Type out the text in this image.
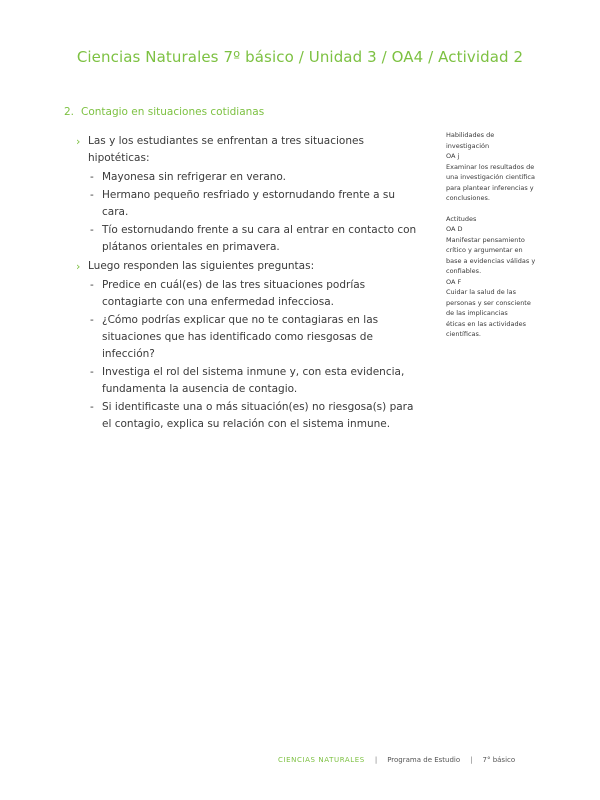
Ciencias Naturales 7º básico / Unidad 3 / OA4 / Actividad 2
2. Contagio en situaciones cotidianas
› Las y los estudiantes se enfrentan a tres situaciones hipotéticas:
- Mayonesa sin refrigerar en verano.
- Hermano pequeño resfriado y estornudando frente a su cara.
- Tío estornudando frente a su cara al entrar en contacto con plátanos orientales en primavera.
› Luego responden las siguientes preguntas:
- Predice en cuál(es) de las tres situaciones podrías contagiarte con una enfermedad infecciosa.
- ¿Cómo podrías explicar que no te contagiaras en las situaciones que has identificado como riesgosas de infección?
- Investiga el rol del sistema inmune y, con esta evidencia, fundamenta la ausencia de contagio.
- Si identificaste una o más situación(es) no riesgosa(s) para el contagio, explica su relación con el sistema inmune.
Habilidades de
investigación
OA j
Examinar los resultados de
una investigación científica
para plantear inferencias y
conclusiones.
Actitudes
OA D
Manifestar pensamiento
crítico y argumentar en
base a evidencias válidas y
confiables.
OA F
Cuidar la salud de las
personas y ser consciente
de las implicancias
éticas en las actividades
científicas.
CIENCIAS NATURALES | Programa de Estudio | 7° básico
